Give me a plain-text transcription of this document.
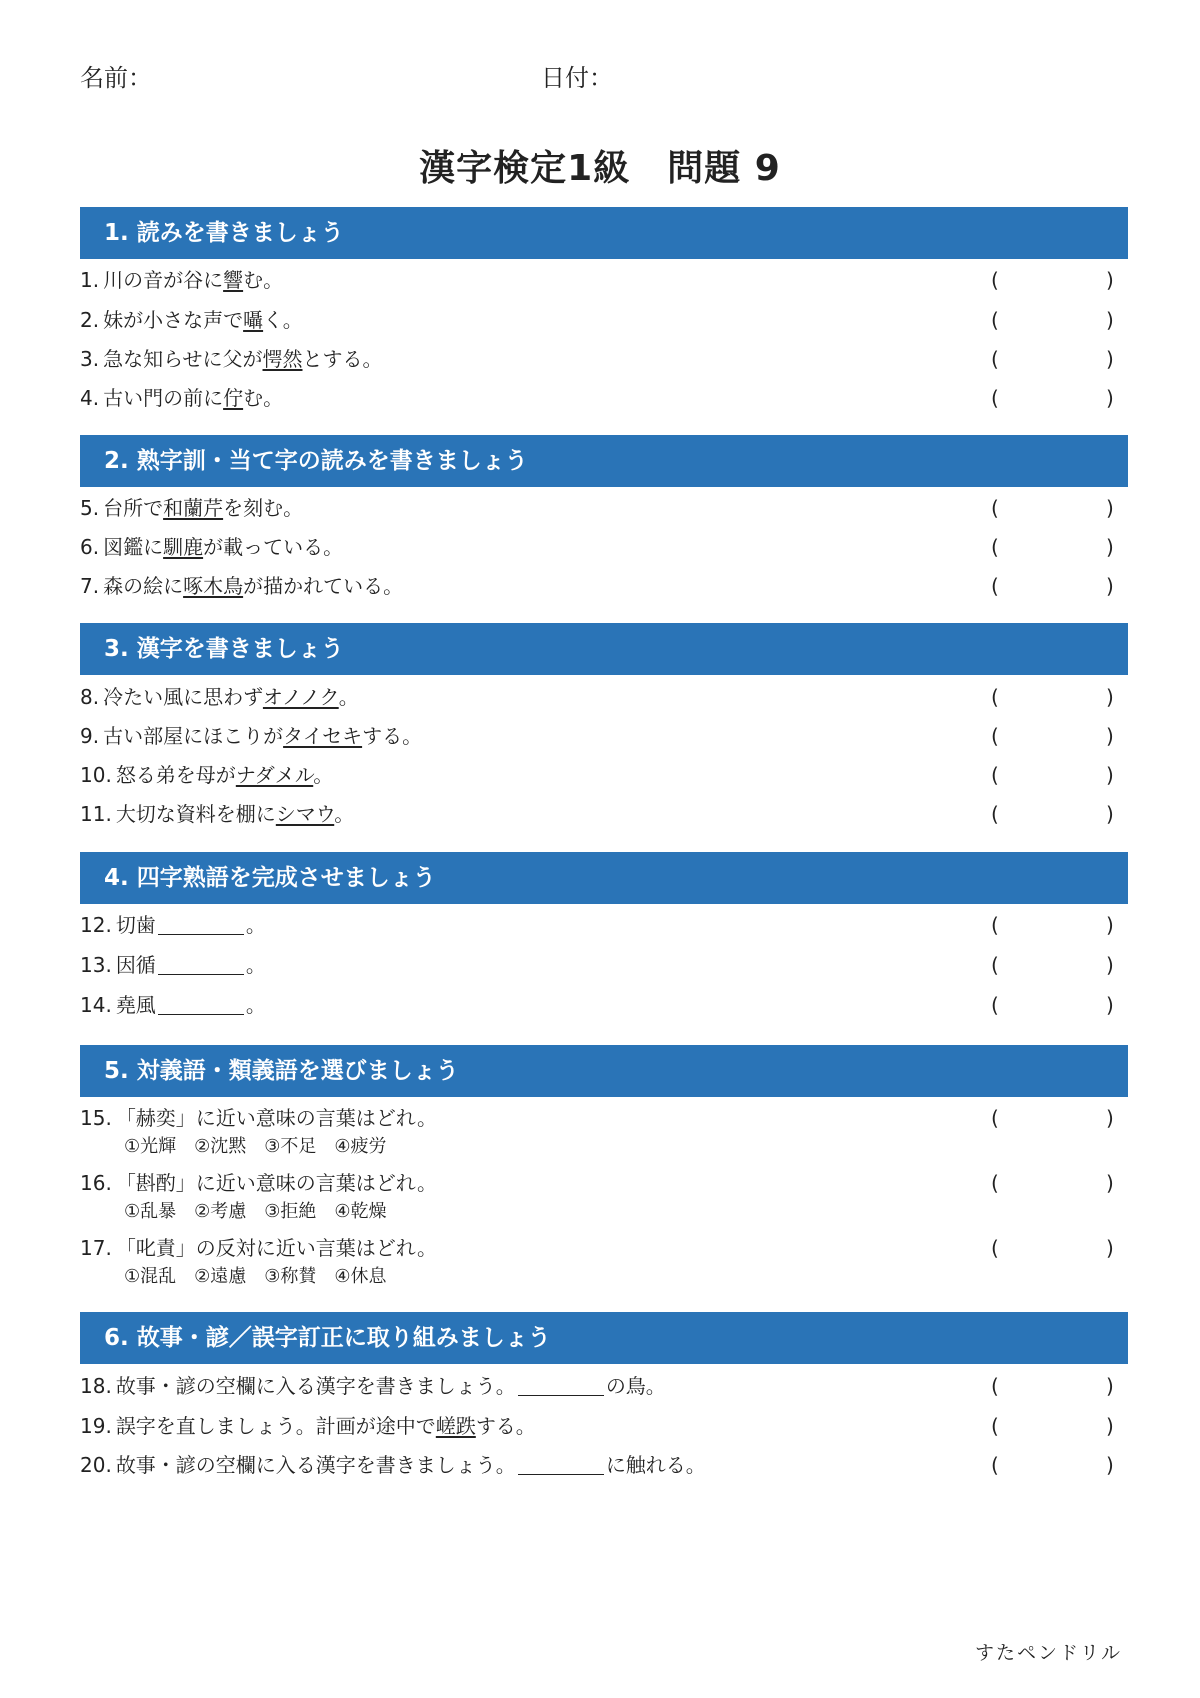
名前：	日付：
漢字検定1級　問題 9
1. 読みを書きましょう
1. 川の音が谷に響む。	(	)
2. 妹が小さな声で囁く。	(	)
3. 急な知らせに父が愕然とする。	(	)
4. 古い門の前に佇む。	(	)
2. 熟字訓・当て字の読みを書きましょう
5. 台所で和蘭芹を刻む。	(	)
6. 図鑑に馴鹿が載っている。	(	)
7. 森の絵に啄木鳥が描かれている。	(	)
3. 漢字を書きましょう
8. 冷たい風に思わずオノノク。	(	)
9. 古い部屋にほこりがタイセキする。	(	)
10. 怒る弟を母がナダメル。	(	)
11. 大切な資料を棚にシマウ。	(	)
4. 四字熟語を完成させましょう
12. 切歯	。	(	)
13. 因循	。	(	)
14. 堯風	。	(	)
5. 対義語・類義語を選びましょう
15. 「赫奕」に近い意味の言葉はどれ。	(	)
①光輝　②沈黙　③不足　④疲労
16. 「斟酌」に近い意味の言葉はどれ。	(	)
①乱暴　②考慮　③拒絶　④乾燥
17. 「叱責」の反対に近い言葉はどれ。	(	)
①混乱　②遠慮　③称賛　④休息
6. 故事・諺／誤字訂正に取り組みましょう
18. 故事・諺の空欄に入る漢字を書きましょう。	の鳥。	(	)
19. 誤字を直しましょう。計画が途中で嵯跌する。	(	)
20. 故事・諺の空欄に入る漢字を書きましょう。	に触れる。	(	)
すたペンドリル
